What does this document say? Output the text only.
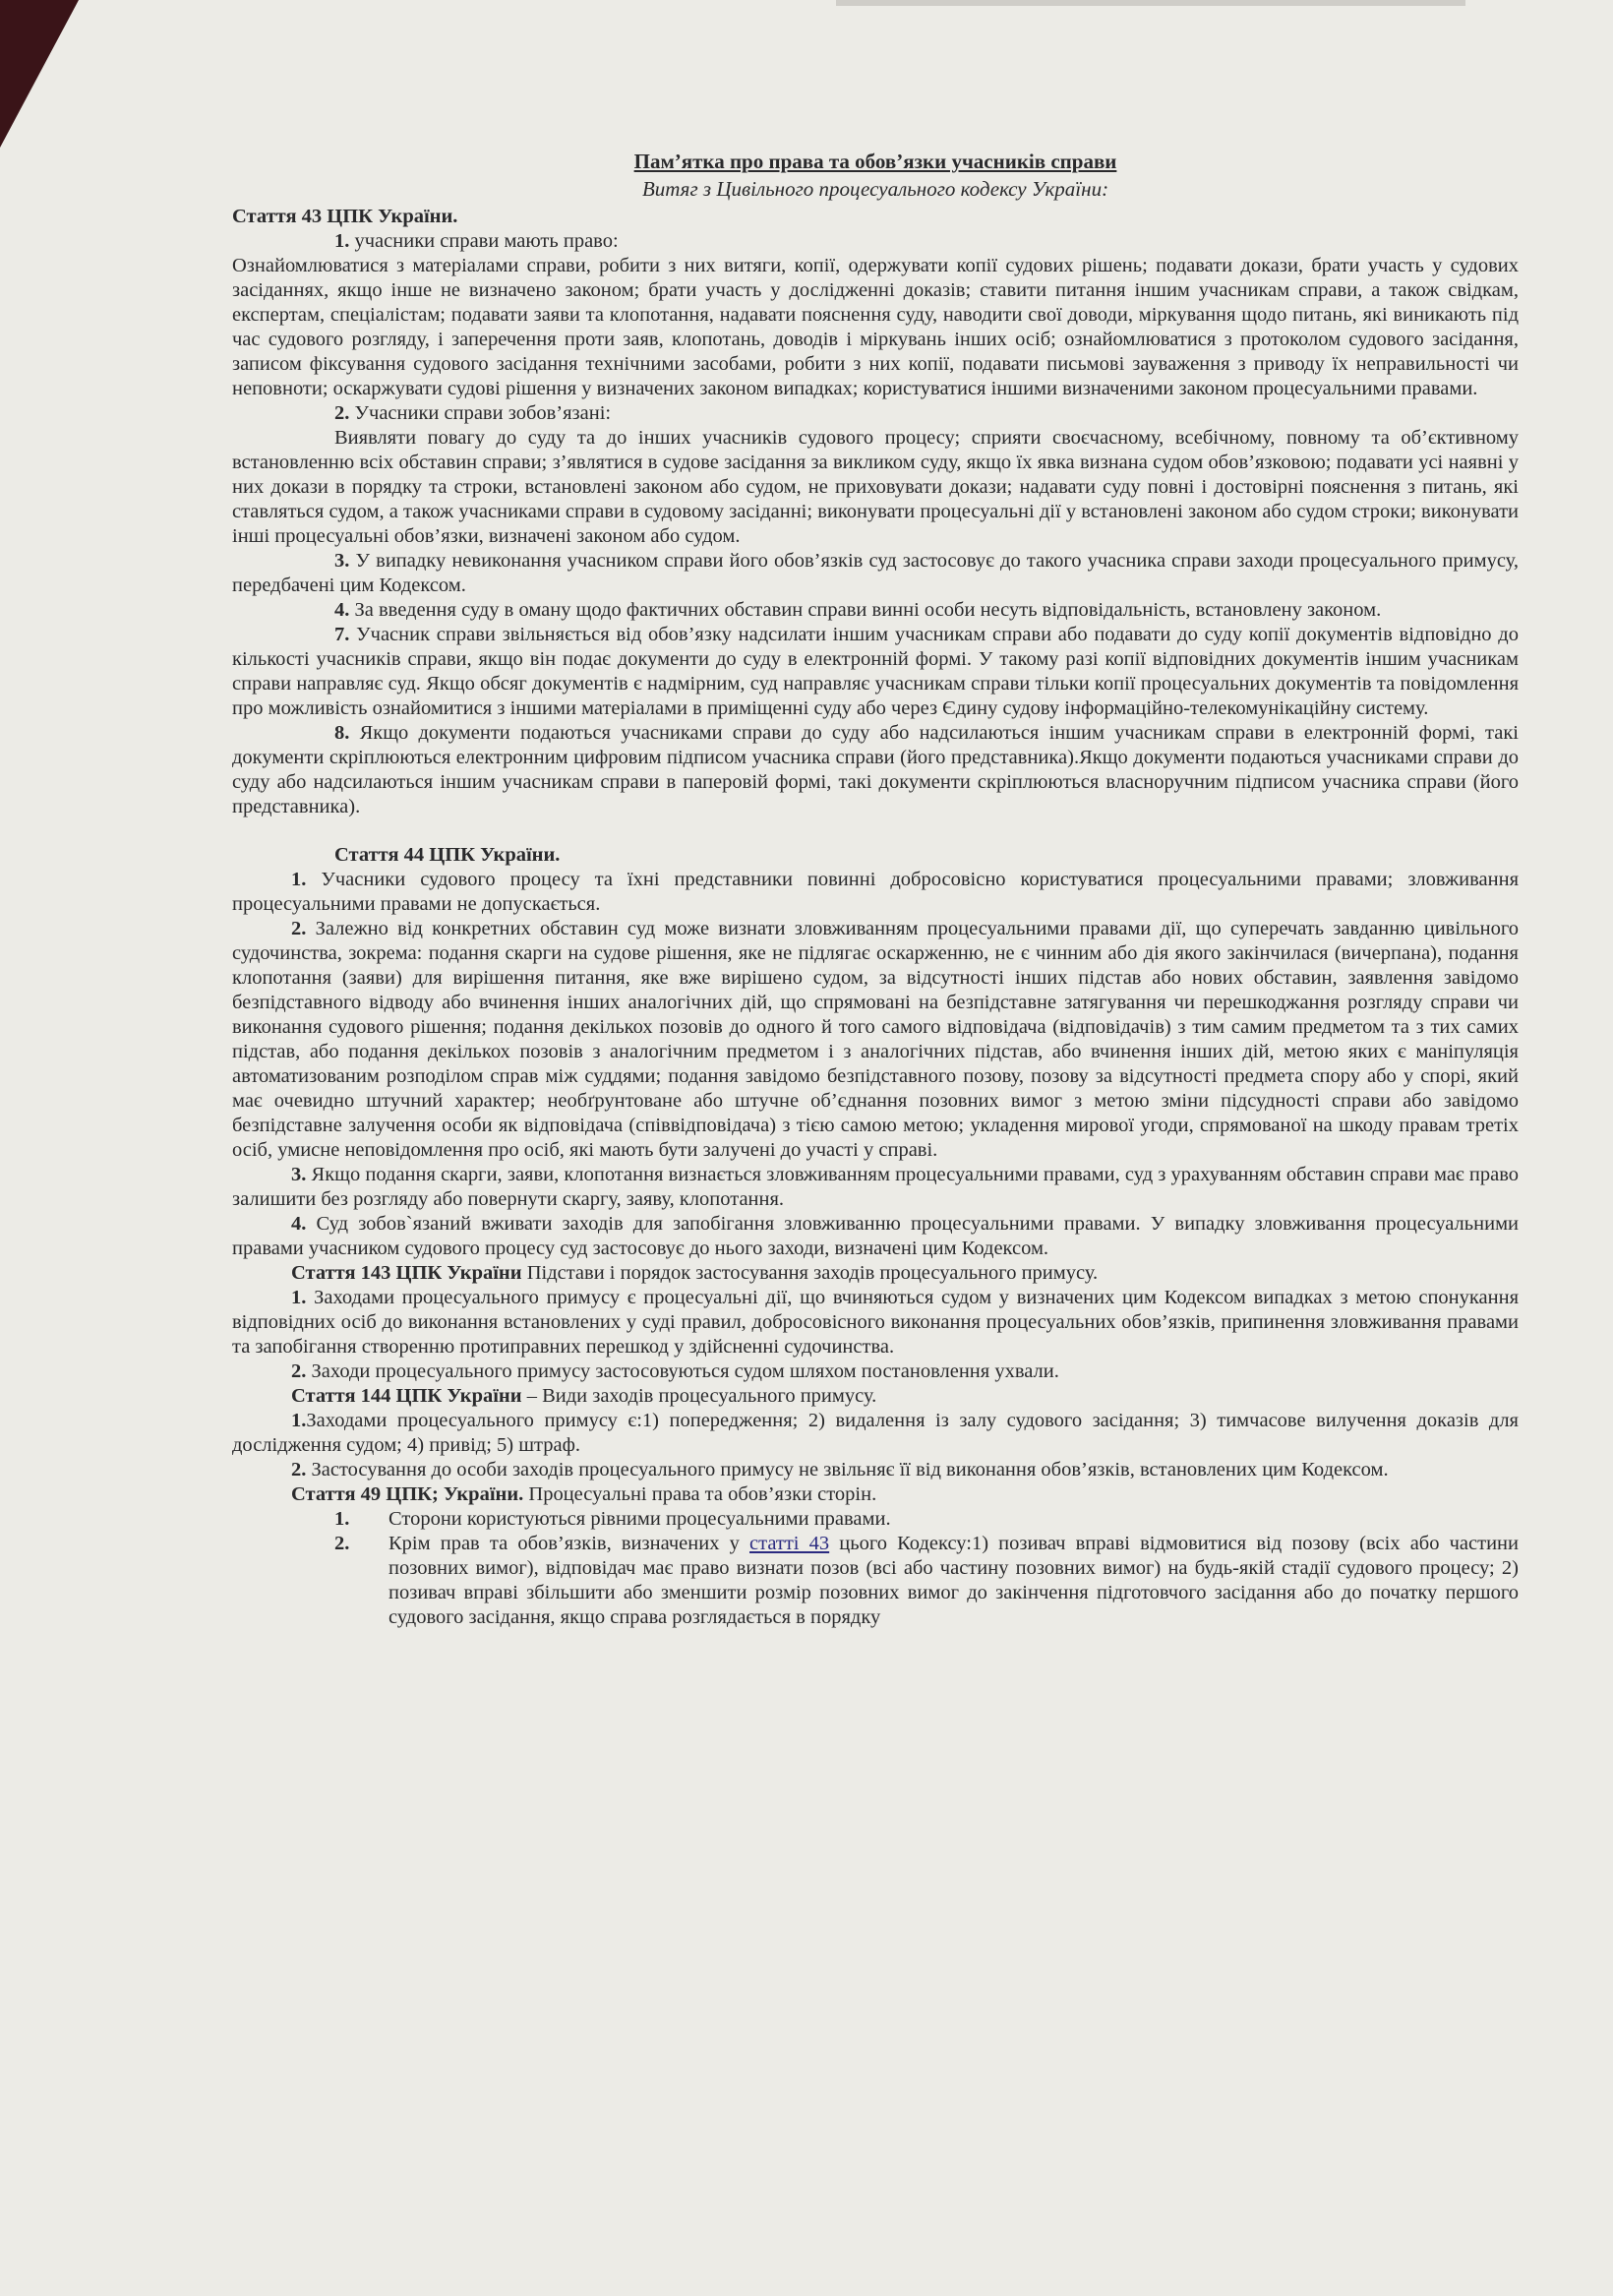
Пам’ятка про права та обов’язки учасників справи

Витяг з Цивільного процесуального кодексу України:

Стаття 43 ЦПК України.

1. учасники справи мають право:

Ознайомлюватися з матеріалами справи, робити з них витяги, копії, одержувати копії судових рішень; подавати докази, брати участь у судових засіданнях, якщо інше не визначено законом; брати участь у дослідженні доказів; ставити питання іншим учасникам справи, а також свідкам, експертам, спеціалістам; подавати заяви та клопотання, надавати пояснення суду, наводити свої доводи, міркування щодо питань, які виникають під час судового розгляду, і заперечення проти заяв, клопотань, доводів і міркувань інших осіб; ознайомлюватися з протоколом судового засідання, записом фіксування судового засідання технічними засобами, робити з них копії, подавати письмові зауваження з приводу їх неправильності чи неповноти; оскаржувати судові рішення у визначених законом випадках; користуватися іншими визначеними законом процесуальними правами.

2. Учасники справи зобов’язані:

Виявляти повагу до суду та до інших учасників судового процесу; сприяти своєчасному, всебічному, повному та об’єктивному встановленню всіх обставин справи; з’являтися в судове засідання за викликом суду, якщо їх явка визнана судом обов’язковою; подавати усі наявні у них докази в порядку та строки, встановлені законом або судом, не приховувати докази; надавати суду повні і достовірні пояснення з питань, які ставляться судом, а також учасниками справи в судовому засіданні; виконувати процесуальні дії у встановлені законом або судом строки; виконувати інші процесуальні обов’язки, визначені законом або судом.

3. У випадку невиконання учасником справи його обов’язків суд застосовує до такого учасника справи заходи процесуального примусу, передбачені цим Кодексом.

4. За введення суду в оману щодо фактичних обставин справи винні особи несуть відповідальність, встановлену законом.

7. Учасник справи звільняється від обов’язку надсилати іншим учасникам справи або подавати до суду копії документів відповідно до кількості учасників справи, якщо він подає документи до суду в електронній формі. У такому разі копії відповідних документів іншим учасникам справи направляє суд. Якщо обсяг документів є надмірним, суд направляє учасникам справи тільки копії процесуальних документів та повідомлення про можливість ознайомитися з іншими матеріалами в приміщенні суду або через Єдину судову інформаційно-телекомунікаційну систему.

8. Якщо документи подаються учасниками справи до суду або надсилаються іншим учасникам справи в електронній формі, такі документи скріплюються електронним цифровим підписом учасника справи (його представника).Якщо документи подаються учасниками справи до суду або надсилаються іншим учасникам справи в паперовій формі, такі документи скріплюються власноручним підписом учасника справи (його представника).

Стаття 44 ЦПК України.

1. Учасники судового процесу та їхні представники повинні добросовісно користуватися процесуальними правами; зловживання процесуальними правами не допускається.

2. Залежно від конкретних обставин суд може визнати зловживанням процесуальними правами дії, що суперечать завданню цивільного судочинства, зокрема: подання скарги на судове рішення, яке не підлягає оскарженню, не є чинним або дія якого закінчилася (вичерпана), подання клопотання (заяви) для вирішення питання, яке вже вирішено судом, за відсутності інших підстав або нових обставин, заявлення завідомо безпідставного відводу або вчинення інших аналогічних дій, що спрямовані на безпідставне затягування чи перешкоджання розгляду справи чи виконання судового рішення; подання декількох позовів до одного й того самого відповідача (відповідачів) з тим самим предметом та з тих самих підстав, або подання декількох позовів з аналогічним предметом і з аналогічних підстав, або вчинення інших дій, метою яких є маніпуляція автоматизованим розподілом справ між суддями; подання завідомо безпідставного позову, позову за відсутності предмета спору або у спорі, який має очевидно штучний характер; необґрунтоване або штучне об’єднання позовних вимог з метою зміни підсудності справи або завідомо безпідставне залучення особи як відповідача (співвідповідача) з тією самою метою; укладення мирової угоди, спрямованої на шкоду правам третіх осіб, умисне неповідомлення про осіб, які мають бути залучені до участі у справі.

3. Якщо подання скарги, заяви, клопотання визнається зловживанням процесуальними правами, суд з урахуванням обставин справи має право залишити без розгляду або повернути скаргу, заяву, клопотання.

4. Суд зобов`язаний вживати заходів для запобігання зловживанню процесуальними правами. У випадку зловживання процесуальними правами учасником судового процесу суд застосовує до нього заходи, визначені цим Кодексом.

Стаття 143 ЦПК України Підстави і порядок застосування заходів процесуального примусу.

1. Заходами процесуального примусу є процесуальні дії, що вчиняються судом у визначених цим Кодексом випадках з метою спонукання відповідних осіб до виконання встановлених у суді правил, добросовісного виконання процесуальних обов’язків, припинення зловживання правами та запобігання створенню протиправних перешкод у здійсненні судочинства.

2. Заходи процесуального примусу застосовуються судом шляхом постановлення ухвали.

Стаття 144 ЦПК України – Види заходів процесуального примусу.

1.Заходами процесуального примусу є:1) попередження; 2) видалення із залу судового засідання; 3) тимчасове вилучення доказів для дослідження судом; 4) привід; 5) штраф.

2. Застосування до особи заходів процесуального примусу не звільняє її від виконання обов’язків, встановлених цим Кодексом.

Стаття 49 ЦПК; України. Процесуальні права та обов’язки сторін.

1.	Сторони користуються рівними процесуальними правами.
2.	Крім прав та обов’язків, визначених у статті 43 цього Кодексу:1) позивач вправі відмовитися від позову (всіх або частини позовних вимог), відповідач має право визнати позов (всі або частину позовних вимог) на будь-якій стадії судового процесу; 2) позивач вправі збільшити або зменшити розмір позовних вимог до закінчення підготовчого засідання або до початку першого судового засідання, якщо справа розглядається в порядку
